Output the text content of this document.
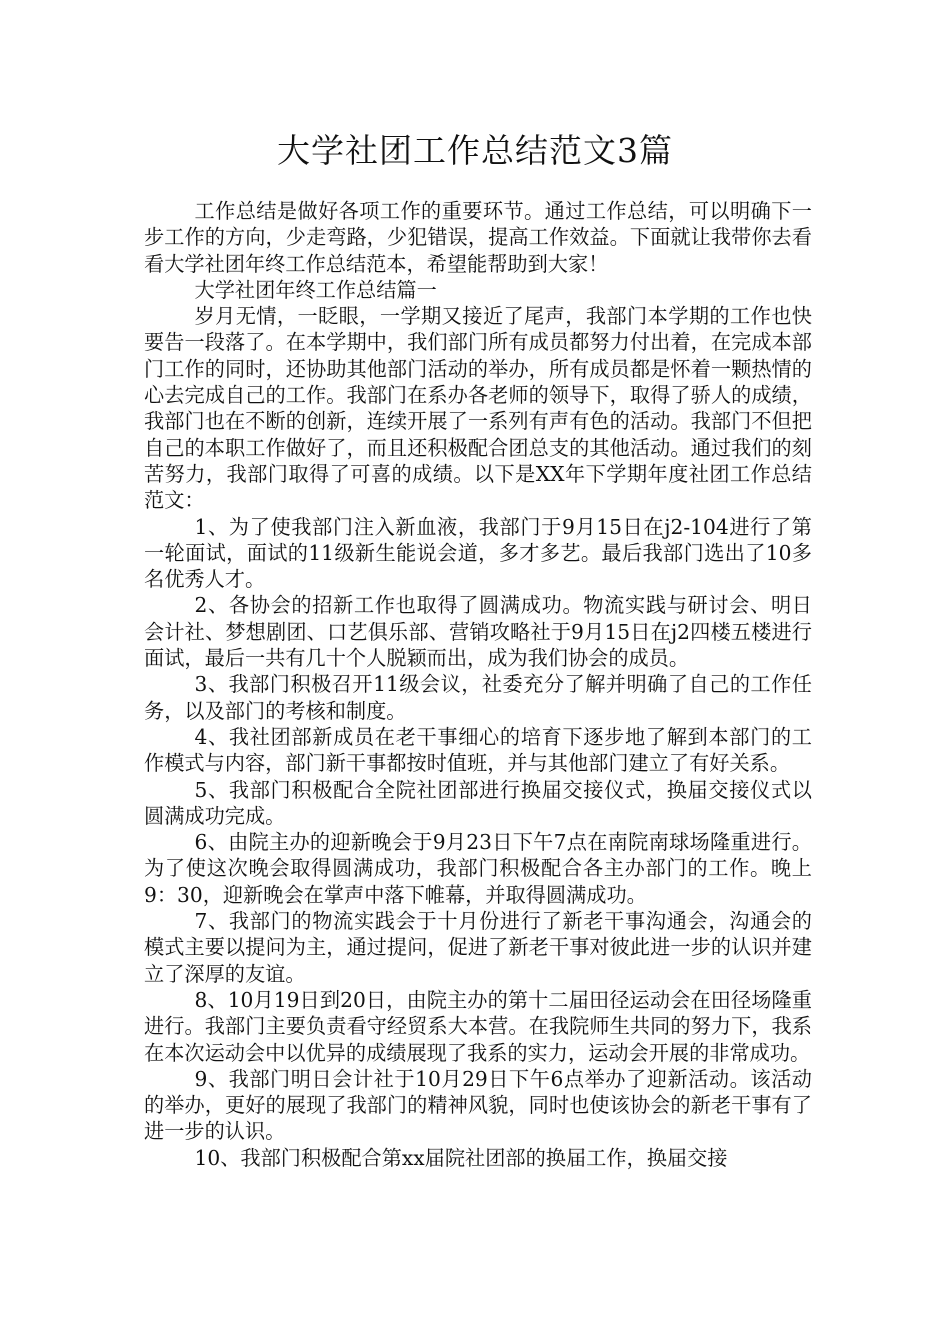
大学社团工作总结范文3篇

工作总结是做好各项工作的重要环节。通过工作总结，可以明确下一步工作的方向，少走弯路，少犯错误，提高工作效益。下面就让我带你去看看大学社团年终工作总结范本，希望能帮助到大家！

大学社团年终工作总结篇一

岁月无情，一眨眼，一学期又接近了尾声，我部门本学期的工作也快要告一段落了。在本学期中，我们部门所有成员都努力付出着，在完成本部门工作的同时，还协助其他部门活动的举办，所有成员都是怀着一颗热情的心去完成自己的工作。我部门在系办各老师的领导下，取得了骄人的成绩，我部门也在不断的创新，连续开展了一系列有声有色的活动。我部门不但把自己的本职工作做好了，而且还积极配合团总支的其他活动。通过我们的刻苦努力，我部门取得了可喜的成绩。以下是XX年下学期年度社团工作总结范文：

1、为了使我部门注入新血液，我部门于9月15日在j2-104进行了第一轮面试，面试的11级新生能说会道，多才多艺。最后我部门选出了10多名优秀人才。

2、各协会的招新工作也取得了圆满成功。物流实践与研讨会、明日会计社、梦想剧团、口艺俱乐部、营销攻略社于9月15日在j2四楼五楼进行面试，最后一共有几十个人脱颖而出，成为我们协会的成员。

3、我部门积极召开11级会议，社委充分了解并明确了自己的工作任务，以及部门的考核和制度。

4、我社团部新成员在老干事细心的培育下逐步地了解到本部门的工作模式与内容，部门新干事都按时值班，并与其他部门建立了有好关系。

5、我部门积极配合全院社团部进行换届交接仪式，换届交接仪式以圆满成功完成。

6、由院主办的迎新晚会于9月23日下午7点在南院南球场隆重进行。为了使这次晚会取得圆满成功，我部门积极配合各主办部门的工作。晚上9：30，迎新晚会在掌声中落下帷幕，并取得圆满成功。

7、我部门的物流实践会于十月份进行了新老干事沟通会，沟通会的模式主要以提问为主，通过提问，促进了新老干事对彼此进一步的认识并建立了深厚的友谊。

8、10月19日到20日，由院主办的第十二届田径运动会在田径场隆重进行。我部门主要负责看守经贸系大本营。在我院师生共同的努力下，我系在本次运动会中以优异的成绩展现了我系的实力，运动会开展的非常成功。

9、我部门明日会计社于10月29日下午6点举办了迎新活动。该活动的举办，更好的展现了我部门的精神风貌，同时也使该协会的新老干事有了进一步的认识。

10、我部门积极配合第xx届院社团部的换届工作，换届交接
